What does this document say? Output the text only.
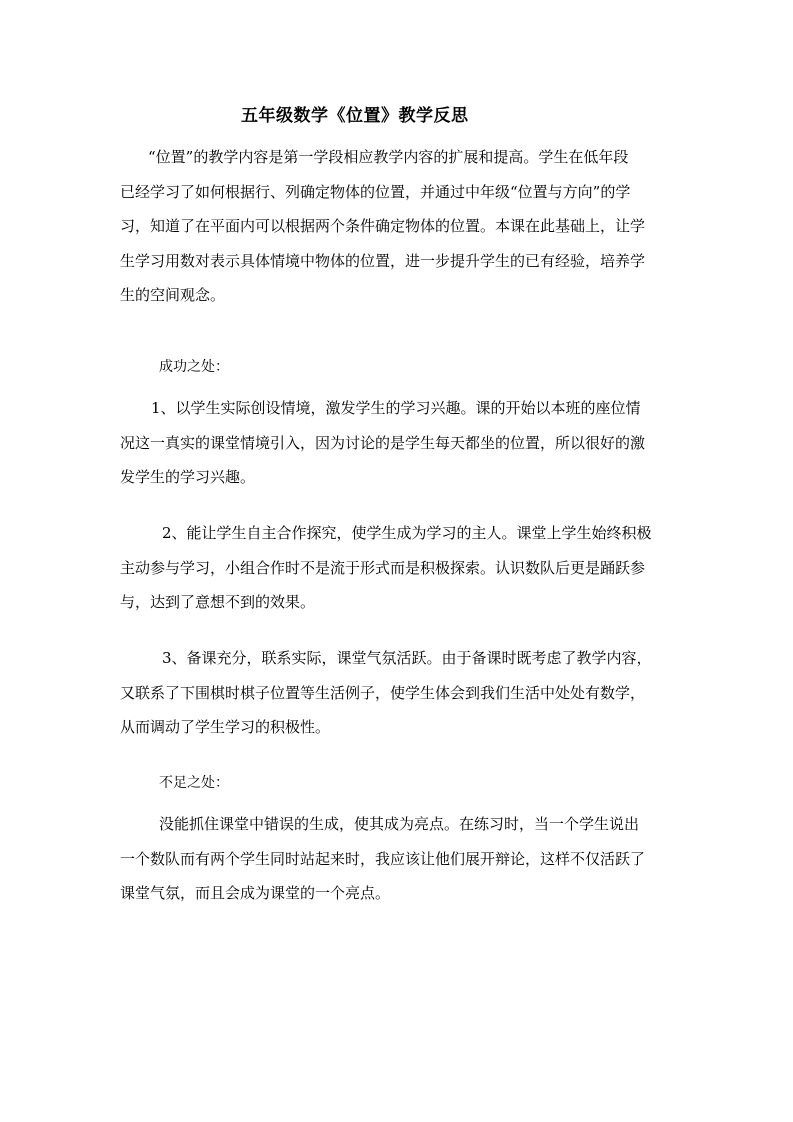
五年级数学《位置》教学反思
“位置”的教学内容是第一学段相应教学内容的扩展和提高。学生在低年段
已经学习了如何根据行、列确定物体的位置，并通过中年级“位置与方向”的学
习，知道了在平面内可以根据两个条件确定物体的位置。本课在此基础上，让学
生学习用数对表示具体情境中物体的位置，进一步提升学生的已有经验，培养学
生的空间观念。
成功之处：
1、以学生实际创设情境，激发学生的学习兴趣。课的开始以本班的座位情
况这一真实的课堂情境引入，因为讨论的是学生每天都坐的位置，所以很好的激
发学生的学习兴趣。
2、能让学生自主合作探究，使学生成为学习的主人。课堂上学生始终积极
主动参与学习，小组合作时不是流于形式而是积极探索。认识数队后更是踊跃参
与，达到了意想不到的效果。
3、备课充分，联系实际，课堂气氛活跃。由于备课时既考虑了教学内容，
又联系了下围棋时棋子位置等生活例子，使学生体会到我们生活中处处有数学，
从而调动了学生学习的积极性。
不足之处：
没能抓住课堂中错误的生成，使其成为亮点。在练习时，当一个学生说出
一个数队而有两个学生同时站起来时，我应该让他们展开辩论，这样不仅活跃了
课堂气氛，而且会成为课堂的一个亮点。
